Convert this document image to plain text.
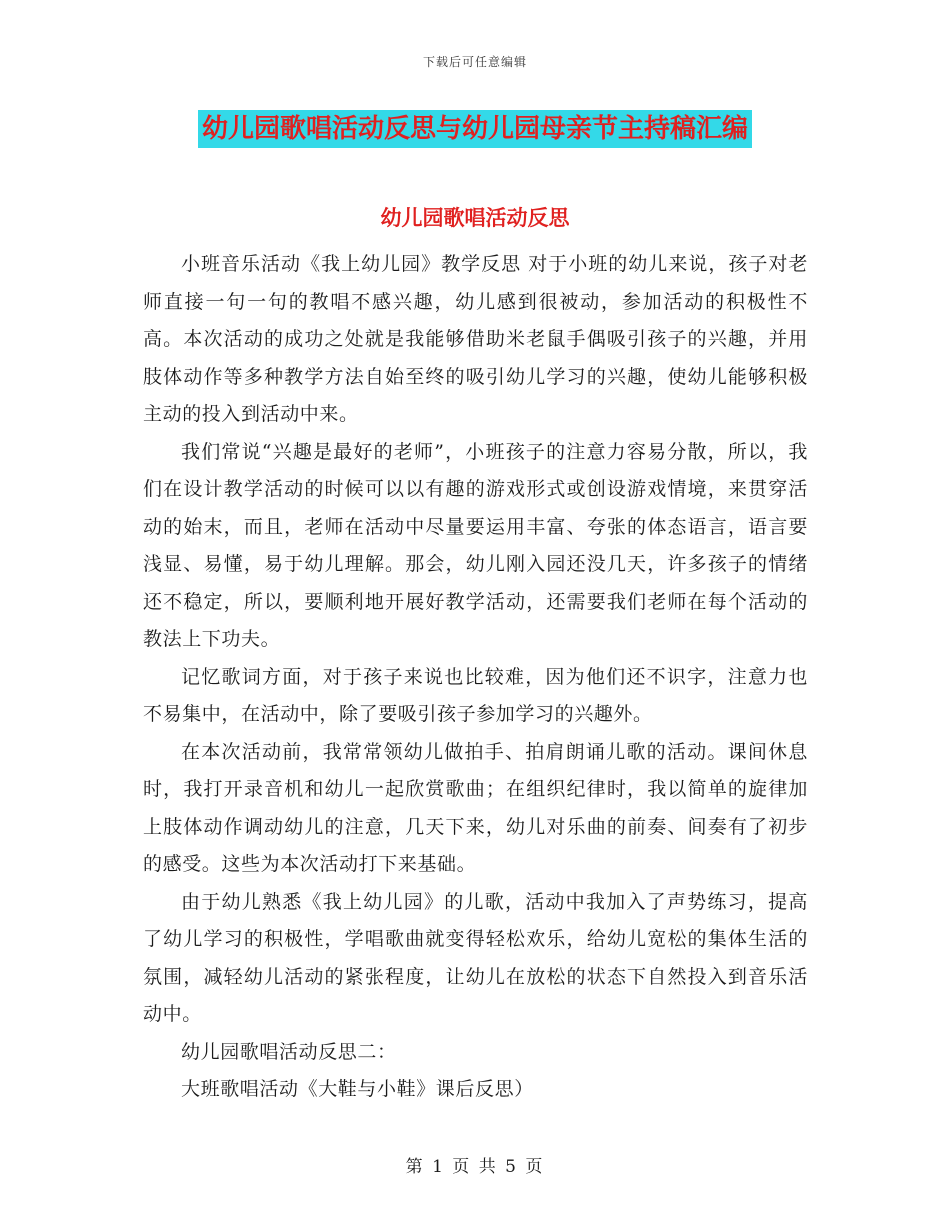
下载后可任意编辑
幼儿园歌唱活动反思与幼儿园母亲节主持稿汇编
幼儿园歌唱活动反思

小班音乐活动《我上幼儿园》教学反思 对于小班的幼儿来说，孩子对老师直接一句一句的教唱不感兴趣，幼儿感到很被动，参加活动的积极性不高。本次活动的成功之处就是我能够借助米老鼠手偶吸引孩子的兴趣，并用肢体动作等多种教学方法自始至终的吸引幼儿学习的兴趣，使幼儿能够积极主动的投入到活动中来。

我们常说“兴趣是最好的老师”，小班孩子的注意力容易分散，所以，我们在设计教学活动的时候可以以有趣的游戏形式或创设游戏情境，来贯穿活动的始末，而且，老师在活动中尽量要运用丰富、夸张的体态语言，语言要浅显、易懂，易于幼儿理解。那会，幼儿刚入园还没几天，许多孩子的情绪还不稳定，所以，要顺利地开展好教学活动，还需要我们老师在每个活动的教法上下功夫。

记忆歌词方面，对于孩子来说也比较难，因为他们还不识字，注意力也不易集中，在活动中，除了要吸引孩子参加学习的兴趣外。

在本次活动前，我常常领幼儿做拍手、拍肩朗诵儿歌的活动。课间休息时，我打开录音机和幼儿一起欣赏歌曲；在组织纪律时，我以简单的旋律加上肢体动作调动幼儿的注意，几天下来，幼儿对乐曲的前奏、间奏有了初步的感受。这些为本次活动打下来基础。

由于幼儿熟悉《我上幼儿园》的儿歌，活动中我加入了声势练习，提高了幼儿学习的积极性，学唱歌曲就变得轻松欢乐，给幼儿宽松的集体生活的氛围，减轻幼儿活动的紧张程度，让幼儿在放松的状态下自然投入到音乐活动中。

幼儿园歌唱活动反思二：

大班歌唱活动《大鞋与小鞋》课后反思）

第 1 页 共 5 页
